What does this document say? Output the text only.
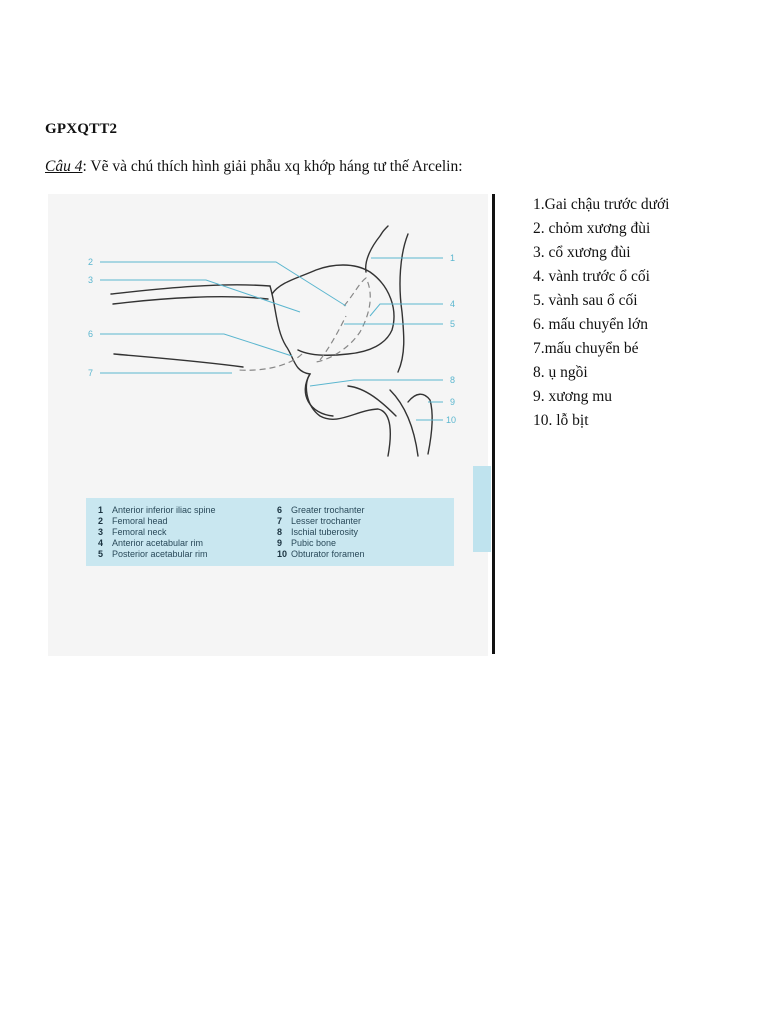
GPXQTT2
Câu 4: Vẽ và chú thích hình giải phẫu xq khớp háng tư thế Arcelin:
2
3
6
7
1
4
5
8
9
10
1 Anterior inferior iliac spine
2 Femoral head
3 Femoral neck
4 Anterior acetabular rim
5 Posterior acetabular rim
6 Greater trochanter
7 Lesser trochanter
8 Ischial tuberosity
9 Pubic bone
10 Obturator foramen
1.Gai chậu trước dưới
2. chỏm xương đùi
3. cổ xương đùi
4. vành trước ổ cối
5. vành sau ổ cối
6. mấu chuyển lớn
7.mấu chuyển bé
8. ụ ngồi
9. xương mu
10. lỗ bịt
